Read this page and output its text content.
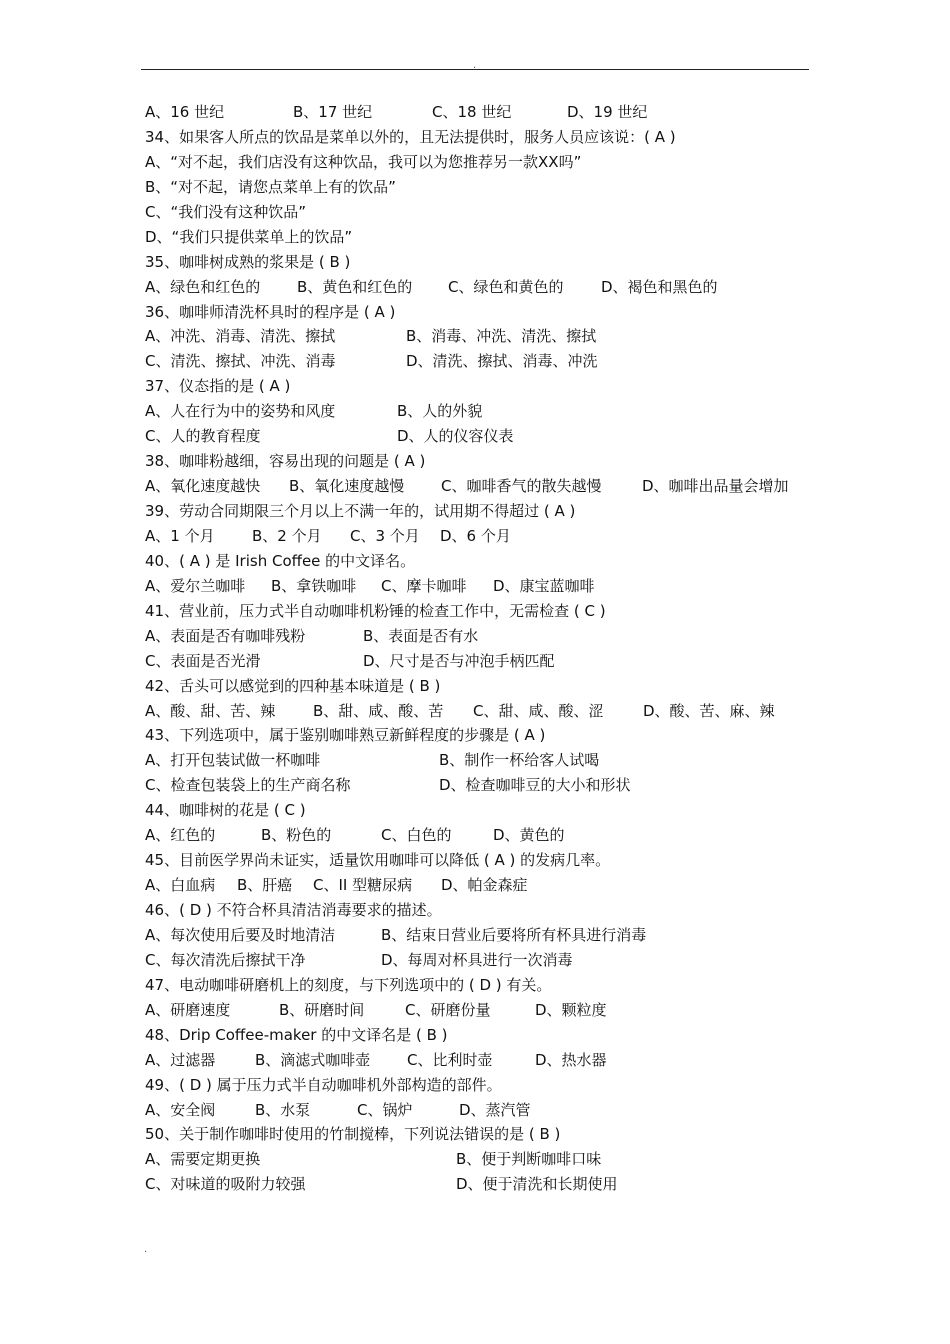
.
A、16 世纪	B、17 世纪	C、18 世纪	D、19 世纪
34、如果客人所点的饮品是菜单以外的，且无法提供时，服务人员应该说：( A )
A、“对不起，我们店没有这种饮品，我可以为您推荐另一款XX吗”
B、“对不起，请您点菜单上有的饮品”
C、“我们没有这种饮品”
D、“我们只提供菜单上的饮品”
35、咖啡树成熟的浆果是 ( B )
A、绿色和红色的 B、黄色和红色的 C、绿色和黄色的	D、褐色和黑色的
36、咖啡师清洗杯具时的程序是 ( A )
A、冲洗、消毒、清洗、擦拭	B、消毒、冲洗、清洗、擦拭
C、清洗、擦拭、冲洗、消毒	D、清洗、擦拭、消毒、冲洗
37、仪态指的是 ( A )
A、人在行为中的姿势和风度	B、人的外貌
C、人的教育程度	D、人的仪容仪表
38、咖啡粉越细，容易出现的问题是 ( A )
A、氧化速度越快 B、氧化速度越慢 C、咖啡香气的散失越慢	D、咖啡出品量会增加
39、劳动合同期限三个月以上不满一年的，试用期不得超过 ( A )
A、1 个月 B、2 个月 C、3 个月 D、6 个月
40、( A ) 是 Irish Coffee 的中文译名。
A、爱尔兰咖啡 B、拿铁咖啡 C、摩卡咖啡 D、康宝蓝咖啡
41、营业前，压力式半自动咖啡机粉锤的检查工作中，无需检查 ( C )
A、表面是否有咖啡残粉	B、表面是否有水
C、表面是否光滑	D、尺寸是否与冲泡手柄匹配
42、舌头可以感觉到的四种基本味道是 ( B )
A、酸、甜、苦、辣	B、甜、咸、酸、苦 C、甜、咸、酸、涩	D、酸、苦、麻、辣
43、下列选项中，属于鉴别咖啡熟豆新鲜程度的步骤是 ( A )
A、打开包装试做一杯咖啡	B、制作一杯给客人试喝
C、检查包装袋上的生产商名称	D、检查咖啡豆的大小和形状
44、咖啡树的花是 ( C )
A、红色的	B、粉色的	C、白色的	D、黄色的
45、目前医学界尚未证实，适量饮用咖啡可以降低 ( A ) 的发病几率。
A、白血病 B、肝癌 C、II 型糖尿病 D、帕金森症
46、( D ) 不符合杯具清洁消毒要求的描述。
A、每次使用后要及时地清洁	B、结束日营业后要将所有杯具进行消毒
C、每次清洗后擦拭干净	D、每周对杯具进行一次消毒
47、电动咖啡研磨机上的刻度，与下列选项中的 ( D ) 有关。
A、研磨速度	B、研磨时间	C、研磨份量	D、颗粒度
48、Drip Coffee-maker 的中文译名是 ( B )
A、过滤器	B、滴滤式咖啡壶 C、比利时壶	D、热水器
49、( D ) 属于压力式半自动咖啡机外部构造的部件。
A、安全阀	B、水泵	C、锅炉	D、蒸汽管
50、关于制作咖啡时使用的竹制搅棒，下列说法错误的是 ( B )
A、需要定期更换	B、便于判断咖啡口味
C、对味道的吸附力较强	D、便于清洗和长期使用
.
